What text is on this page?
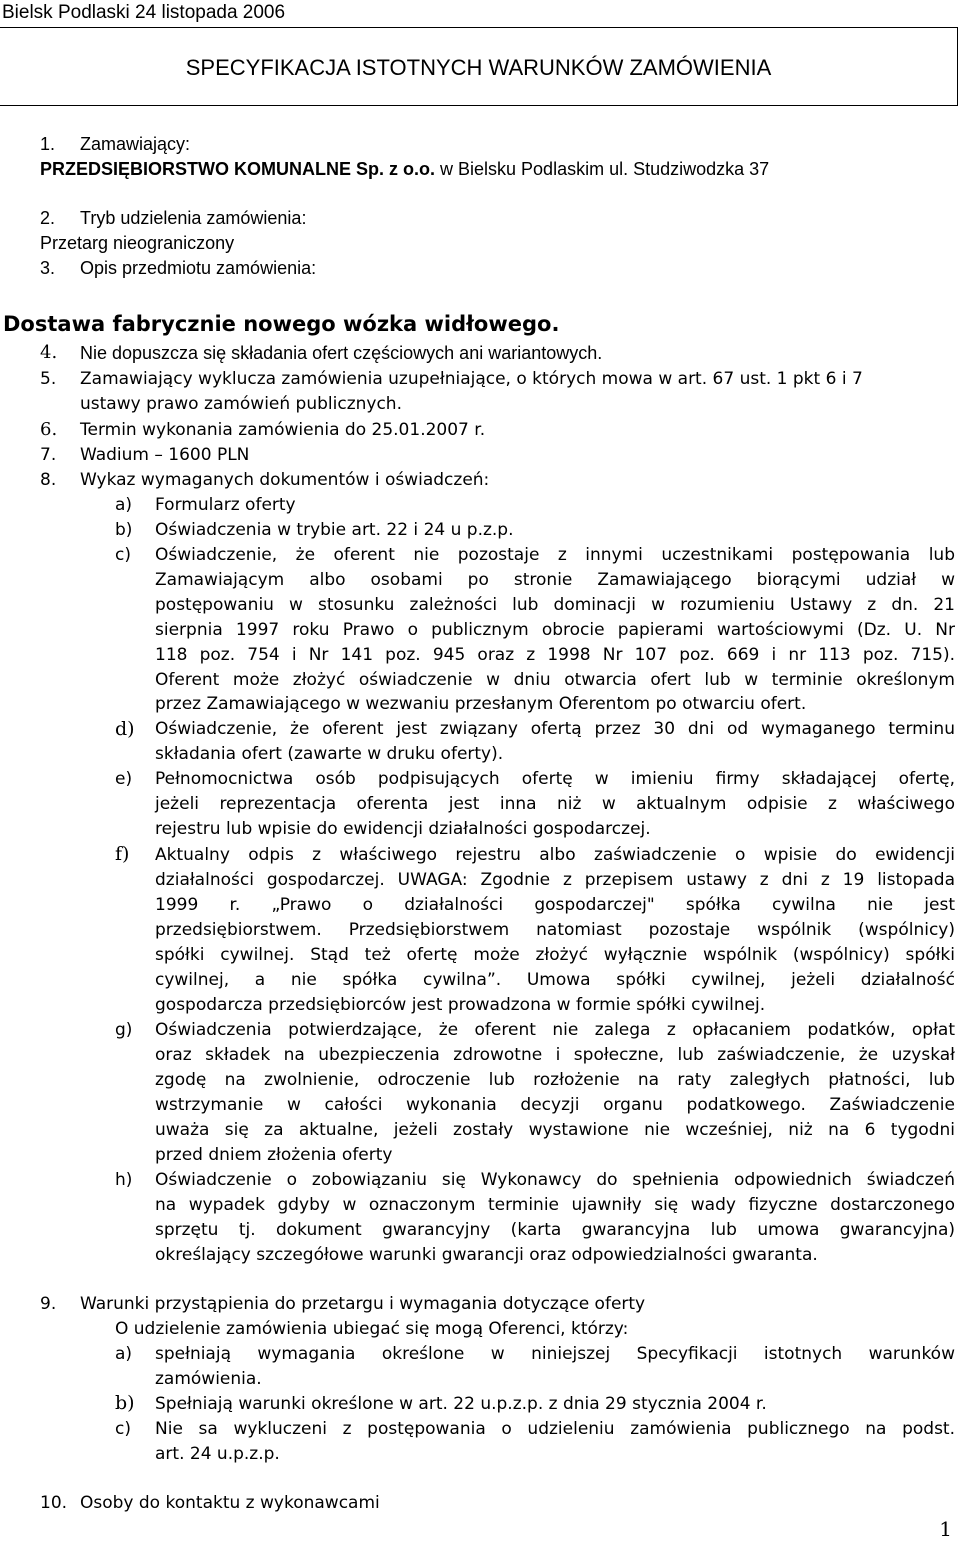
Bielsk Podlaski 24 listopada 2006
SPECYFIKACJA ISTOTNYCH WARUNKÓW ZAMÓWIENIA
1. Zamawiający:
PRZEDSIĘBIORSTWO KOMUNALNE Sp. z o.o. w Bielsku Podlaskim ul. Studziwodzka 37
2. Tryb udzielenia zamówienia:
Przetarg nieograniczony
3. Opis przedmiotu zamówienia:
Dostawa fabrycznie nowego wózka widłowego.
4. Nie dopuszcza się składania ofert częściowych ani wariantowych.
5. Zamawiający wyklucza zamówienia uzupełniające, o których mowa w art. 67 ust. 1 pkt 6 i 7
ustawy prawo zamówień publicznych.
6. Termin wykonania zamówienia do 25.01.2007 r.
7. Wadium – 1600 PLN
8. Wykaz wymaganych dokumentów i oświadczeń:
a) Formularz oferty
b) Oświadczenia w trybie art. 22 i 24 u p.z.p.
c) Oświadczenie, że oferent nie pozostaje z innymi uczestnikami postępowania lub
Zamawiającym albo osobami po stronie Zamawiającego biorącymi udział w
postępowaniu w stosunku zależności lub dominacji w rozumieniu Ustawy z dn. 21
sierpnia 1997 roku Prawo o publicznym obrocie papierami wartościowymi (Dz. U. Nr
118 poz. 754 i Nr 141 poz. 945 oraz z 1998 Nr 107 poz. 669 i nr 113 poz. 715).
Oferent może złożyć oświadczenie w dniu otwarcia ofert lub w terminie określonym
przez Zamawiającego w wezwaniu przesłanym Oferentom po otwarciu ofert.
d) Oświadczenie, że oferent jest związany ofertą przez 30 dni od wymaganego terminu
składania ofert (zawarte w druku oferty).
e) Pełnomocnictwa osób podpisujących ofertę w imieniu firmy składającej ofertę,
jeżeli reprezentacja oferenta jest inna niż w aktualnym odpisie z właściwego
rejestru lub wpisie do ewidencji działalności gospodarczej.
f) Aktualny odpis z właściwego rejestru albo zaświadczenie o wpisie do ewidencji
działalności gospodarczej. UWAGA: Zgodnie z przepisem ustawy z dni z 19 listopada
1999 r. „Prawo o działalności gospodarczej" spółka cywilna nie jest
przedsiębiorstwem. Przedsiębiorstwem natomiast pozostaje wspólnik (wspólnicy)
spółki cywilnej. Stąd też ofertę może złożyć wyłącznie wspólnik (wspólnicy) spółki
cywilnej, a nie spółka cywilna”. Umowa spółki cywilnej, jeżeli działalność
gospodarcza przedsiębiorców jest prowadzona w formie spółki cywilnej.
g) Oświadczenia potwierdzające, że oferent nie zalega z opłacaniem podatków, opłat
oraz składek na ubezpieczenia zdrowotne i społeczne, lub zaświadczenie, że uzyskał
zgodę na zwolnienie, odroczenie lub rozłożenie na raty zaległych płatności, lub
wstrzymanie w całości wykonania decyzji organu podatkowego. Zaświadczenie
uważa się za aktualne, jeżeli zostały wystawione nie wcześniej, niż na 6 tygodni
przed dniem złożenia oferty
h) Oświadczenie o zobowiązaniu się Wykonawcy do spełnienia odpowiednich świadczeń
na wypadek gdyby w oznaczonym terminie ujawniły się wady fizyczne dostarczonego
sprzętu tj. dokument gwarancyjny (karta gwarancyjna lub umowa gwarancyjna)
określający szczegółowe warunki gwarancji oraz odpowiedzialności gwaranta.
9. Warunki przystąpienia do przetargu i wymagania dotyczące oferty
O udzielenie zamówienia ubiegać się mogą Oferenci, którzy:
a) spełniają wymagania określone w niniejszej Specyfikacji istotnych warunków
zamówienia.
b) Spełniają warunki określone w art. 22 u.p.z.p. z dnia 29 stycznia 2004 r.
c) Nie sa wykluczeni z postępowania o udzieleniu zamówienia publicznego na podst.
art. 24 u.p.z.p.
10. Osoby do kontaktu z wykonawcami
1
